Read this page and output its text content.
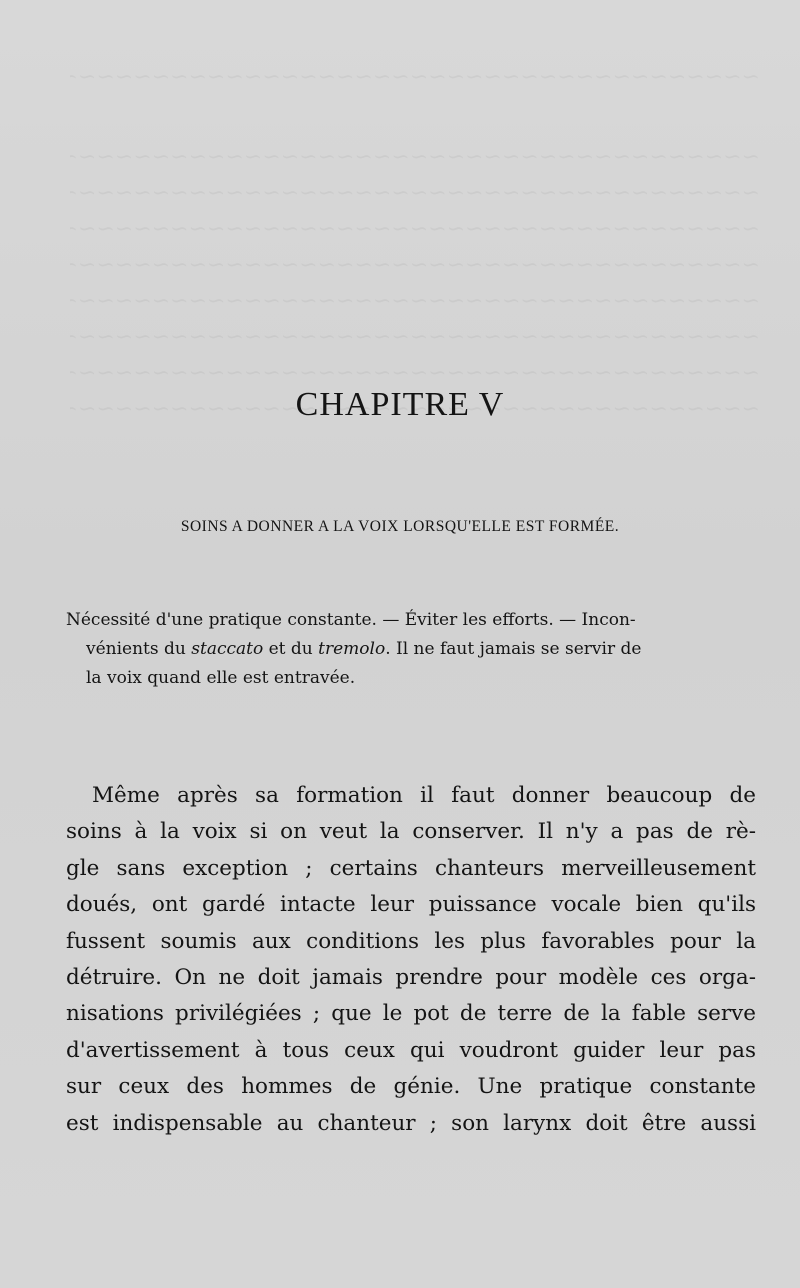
CHAPITRE V
SOINS A DONNER A LA VOIX LORSQU'ELLE EST FORMÉE.

Nécessité d'une pratique constante. — Éviter les efforts. — Incon-
vénients du staccato et du tremolo. Il ne faut jamais se servir de
la voix quand elle est entravée.

Même après sa formation il faut donner beaucoup de
soins à la voix si on veut la conserver. Il n'y a pas de rè-
gle sans exception ; certains chanteurs merveilleusement
doués, ont gardé intacte leur puissance vocale bien qu'ils
fussent soumis aux conditions les plus favorables pour la
détruire. On ne doit jamais prendre pour modèle ces orga-
nisations privilégiées ; que le pot de terre de la fable serve
d'avertissement à tous ceux qui voudront guider leur pas
sur ceux des hommes de génie. Une pratique constante
est indispensable au chanteur ; son larynx doit être aussi
